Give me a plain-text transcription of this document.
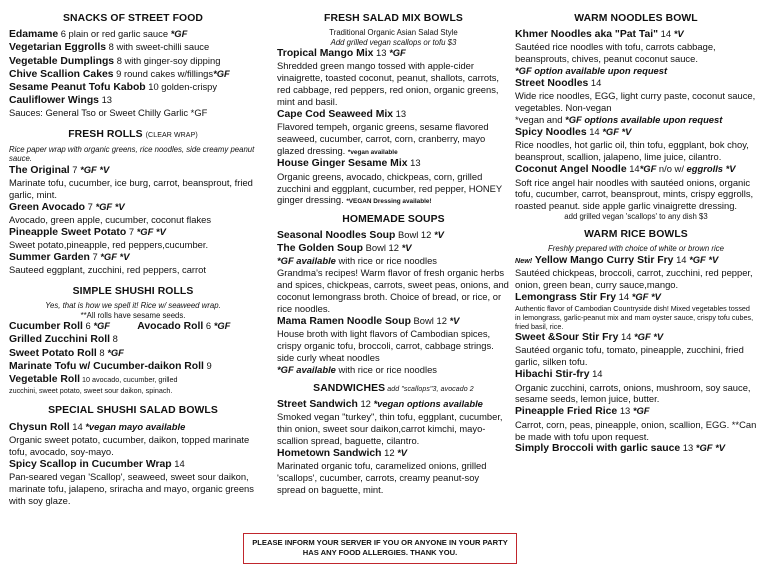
SNACKS OF STREET FOOD
Edamame 6 plain or red garlic sauce *GF
Vegetarian Eggrolls 8 with sweet-chilli sauce
Vegetable Dumplings 8 with ginger-soy dipping
Chive Scallion Cakes 9 round cakes w/fillings*GF
Sesame Peanut Tofu Kabob 10 golden-crispy
Cauliflower Wings 13
Sauces: General Tso or Sweet Chilly Garlic *GF
FRESH ROLLS (CLEAR WRAP)
Rice paper wrap with organic greens, rice noodles, side creamy peanut sauce.
The Original 7 *GF *V
Marinate tofu, cucumber, ice burg, carrot, beansprout, fried garlic, mint.
Green Avocado 7 *GF *V
Avocado, green apple, cucumber, coconut flakes
Pineapple Sweet Potato 7 *GF *V
Sweet potato,pineapple, red peppers,cucumber.
Summer Garden 7 *GF *V
Sauteed eggplant, zucchini, red peppers, carrot
SIMPLE SHUSHI ROLLS
Yes, that is how we spell it! Rice w/ seaweed wrap.
**All rolls have sesame seeds.
Cucumber Roll 6 *GF	Avocado Roll 6 *GF
Grilled Zucchini Roll 8
Sweet Potato Roll 8 *GF
Marinate Tofu w/ Cucumber-daikon Roll 9
Vegetable Roll 10 avocado, cucumber, grilled
zucchini, sweet potato, sweet sour daikon, spinach.
SPECIAL SHUSHI SALAD BOWLS
Chysun Roll 14 *vegan mayo available
Organic sweet potato, cucumber, daikon, topped marinate tofu, avocado, soy-mayo.
Spicy Scallop in Cucumber Wrap 14
Pan-seared vegan 'Scallop', seaweed, sweet sour daikon, marinate tofu, jalapeno, sriracha and mayo, organic greens with soy glaze.
FRESH SALAD MIX BOWLS
Traditional Organic Asian Salad Style
Add grilled vegan scallops or tofu $3
Tropical Mango Mix 13 *GF
Shredded green mango tossed with apple-cider vinaigrette, toasted coconut, peanut, shallots, carrots, red cabbage, red peppers, red onion, organic greens, mint and basil.
Cape Cod Seaweed Mix 13
Flavored tempeh, organic greens, sesame flavored seaweed, cucumber, carrot, corn, cranberry, mayo glazed dressing. *vegan available
House Ginger Sesame Mix 13
Organic greens, avocado, chickpeas, corn, grilled zucchini and eggplant, cucumber, red pepper, HONEY ginger dressing. *VEGAN Dressing available!
HOMEMADE SOUPS
Seasonal Noodles Soup Bowl 12 *V
The Golden Soup Bowl 12 *V
*GF available with rice or rice noodles
Grandma's recipes! Warm flavor of fresh organic herbs and spices, chickpeas, carrots, sweet peas, onions, and coconut lemongrass broth. Choice of bread, or rice, or rice noodles.
Mama Ramen Noodle Soup Bowl 12 *V
House broth with light flavors of Cambodian spices, crispy organic tofu, broccoli, carrot, cabbage strings. side curly wheat noodles
*GF available with rice or rice noodles
SANDWICHES add "scallops"3, avocado 2
Street Sandwich 12 *vegan options available
Smoked vegan "turkey", thin tofu, eggplant, cucumber, thin onion, sweet sour daikon,carrot kimchi, mayo-scallion spread, baguette, cilantro.
Hometown Sandwich 12 *V
Marinated organic tofu, caramelized onions, grilled 'scallops', cucumber, carrots, creamy peanut-soy spread on baguette, mint.
WARM NOODLES BOWL
Khmer Noodles aka "Pat Tai" 14 *V
Sautéed rice noodles with tofu, carrots cabbage, beansprouts, chives, peanut coconut sauce.
*GF option available upon request
Street Noodles 14
Wide rice noodles, EGG, light curry paste, coconut sauce, vegetables. Non-vegan
*vegan and *GF options available upon request
Spicy Noodles 14 *GF *V
Rice noodles, hot garlic oil, thin tofu, eggplant, bok choy, beansprout, scallion, jalapeno, lime juice, cilantro.
Coconut Angel Noodle 14*GF n/o w/ eggrolls *V
Soft rice angel hair noodles with sautéed onions, organic tofu, cucumber, carrot, beansprout, mints, crispy eggrolls, roasted peanut. side apple garlic vinaigrette dressing.
add grilled vegan 'scallops' to any dish $3
WARM RICE BOWLS
Freshly prepared with choice of white or brown rice
New! Yellow Mango Curry Stir Fry 14 *GF *V
Sautéed chickpeas, broccoli, carrot, zucchini, red pepper, onion, green bean, curry sauce,mango.
Lemongrass Stir Fry 14 *GF *V
Authentic flavor of Cambodian Countryside dish! Mixed vegetables tossed in lemongrass, garlic-peanut mix and mam oyster sauce, crispy tofu cubes, fried basil, rice.
Sweet &Sour Stir Fry 14 *GF *V
Sautéed organic tofu, tomato, pineapple, zucchini, fried garlic, silken tofu.
Hibachi Stir-fry 14
Organic zucchini, carrots, onions, mushroom, soy sauce, sesame seeds, lemon juice, butter.
Pineapple Fried Rice 13 *GF
Carrot, corn, peas, pineapple, onion, scallion, EGG. **Can be made with tofu upon request.
Simply Broccoli with garlic sauce 13 *GF *V
PLEASE INFORM YOUR SERVER IF YOU OR ANYONE IN YOUR PARTY
HAS ANY FOOD ALLERGIES. THANK YOU.
